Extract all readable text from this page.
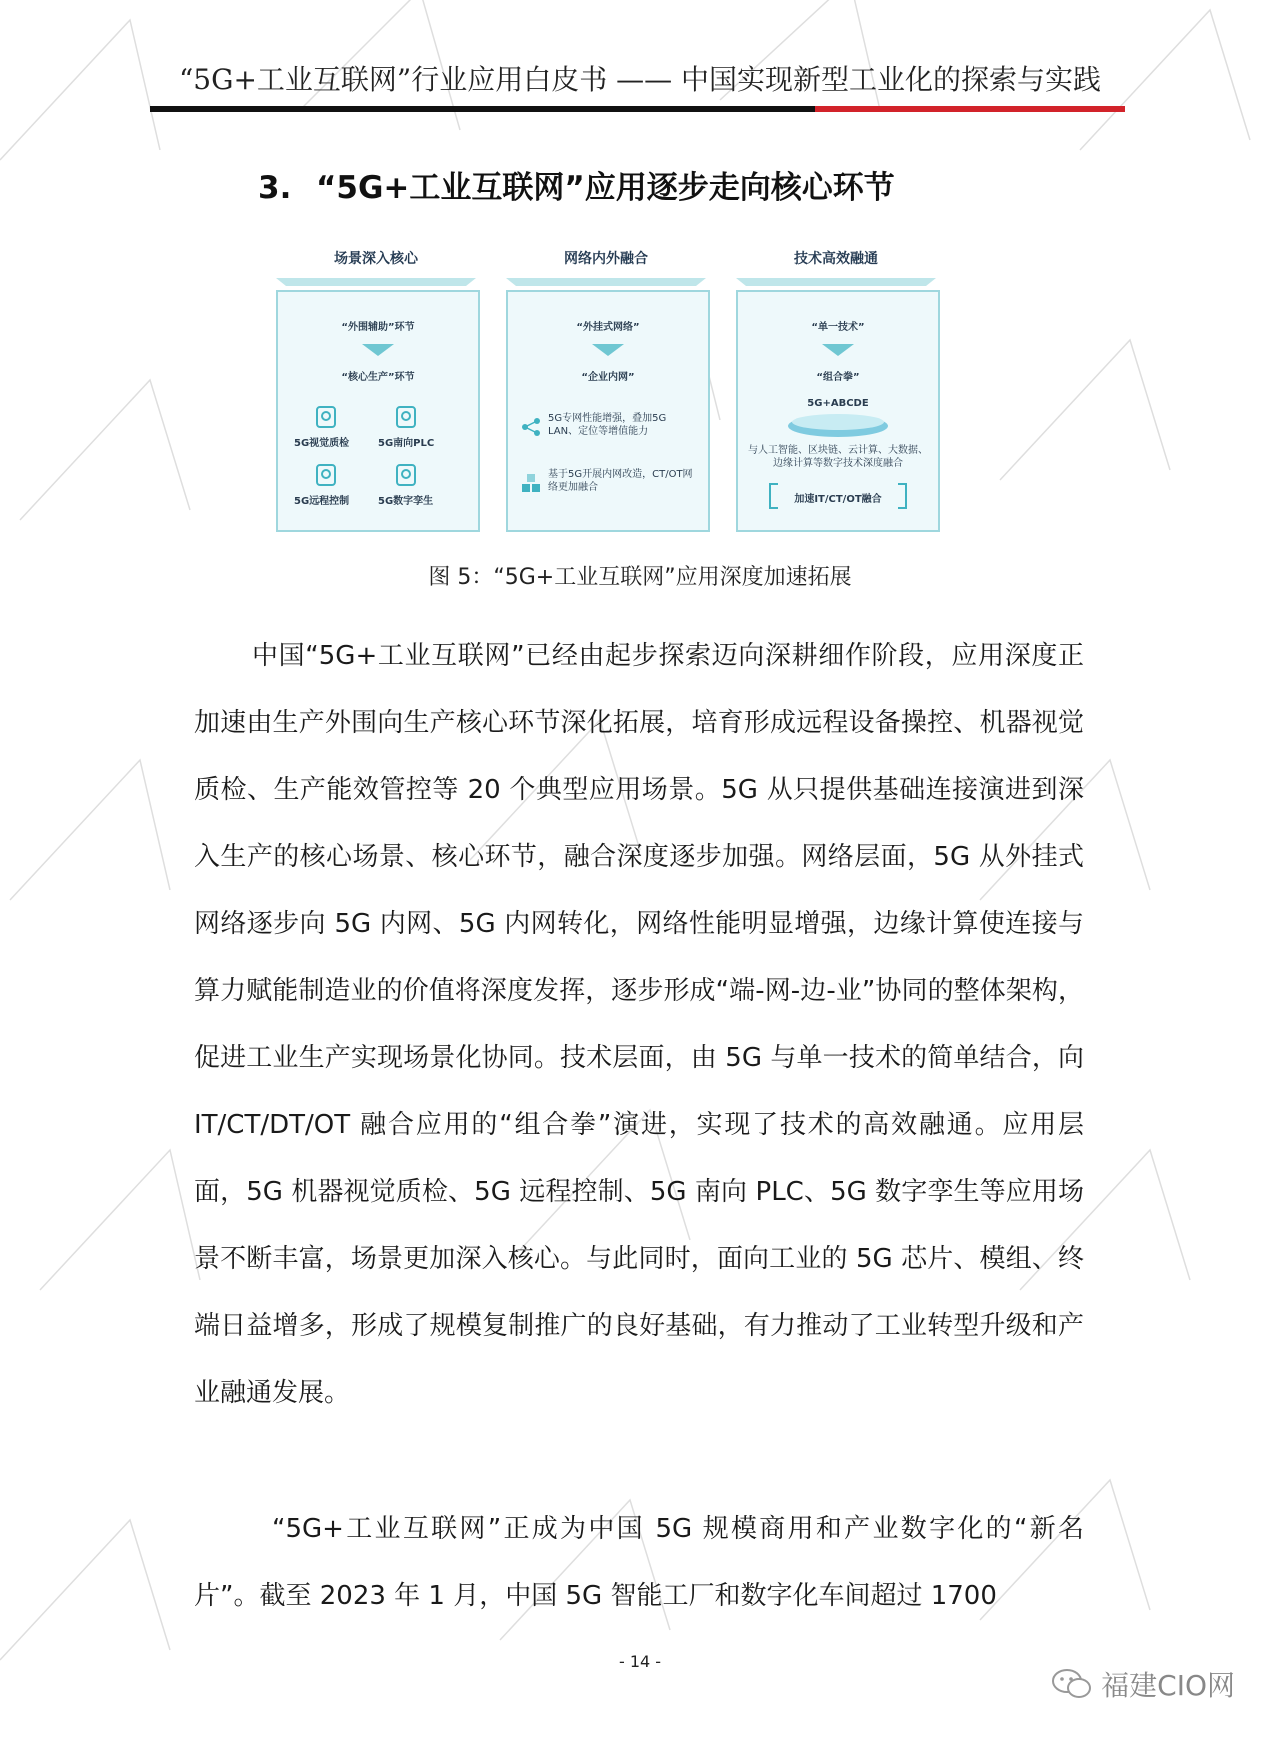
“5G+工业互联网”行业应用白皮书 —— 中国实现新型工业化的探索与实践
3. “5G+工业互联网”应用逐步走向核心环节
场景深入核心
“外围辅助”环节
“核心生产”环节
5G视觉质检	5G南向PLC
5G远程控制	5G数字孪生
网络内外融合
“外挂式网络”
“企业内网”
5G专网性能增强，叠加5G LAN、定位等增值能力
基于5G开展内网改造，CT/OT网络更加融合
技术高效融通
“单一技术”
“组合拳”
5G+ABCDE
与人工智能、区块链、云计算、大数据、边缘计算等数字技术深度融合
加速IT/CT/OT融合
图 5：“5G+工业互联网”应用深度加速拓展
中国“5G+工业互联网”已经由起步探索迈向深耕细作阶段，应用深度正加速由生产外围向生产核心环节深化拓展，培育形成远程设备操控、机器视觉质检、生产能效管控等 20 个典型应用场景。5G 从只提供基础连接演进到深入生产的核心场景、核心环节，融合深度逐步加强。网络层面，5G 从外挂式网络逐步向 5G 内网、5G 内网转化，网络性能明显增强，边缘计算使连接与算力赋能制造业的价值将深度发挥，逐步形成“端-网-边-业”协同的整体架构，促进工业生产实现场景化协同。技术层面，由 5G 与单一技术的简单结合，向 IT/CT/DT/OT 融合应用的“组合拳”演进，实现了技术的高效融通。应用层面，5G 机器视觉质检、5G 远程控制、5G 南向 PLC、5G 数字孪生等应用场景不断丰富，场景更加深入核心。与此同时，面向工业的 5G 芯片、模组、终端日益增多，形成了规模复制推广的良好基础，有力推动了工业转型升级和产业融通发展。
“5G+工业互联网”正成为中国 5G 规模商用和产业数字化的“新名片”。截至 2023 年 1 月，中国 5G 智能工厂和数字化车间超过 1700
- 14 -
福建CIO网
